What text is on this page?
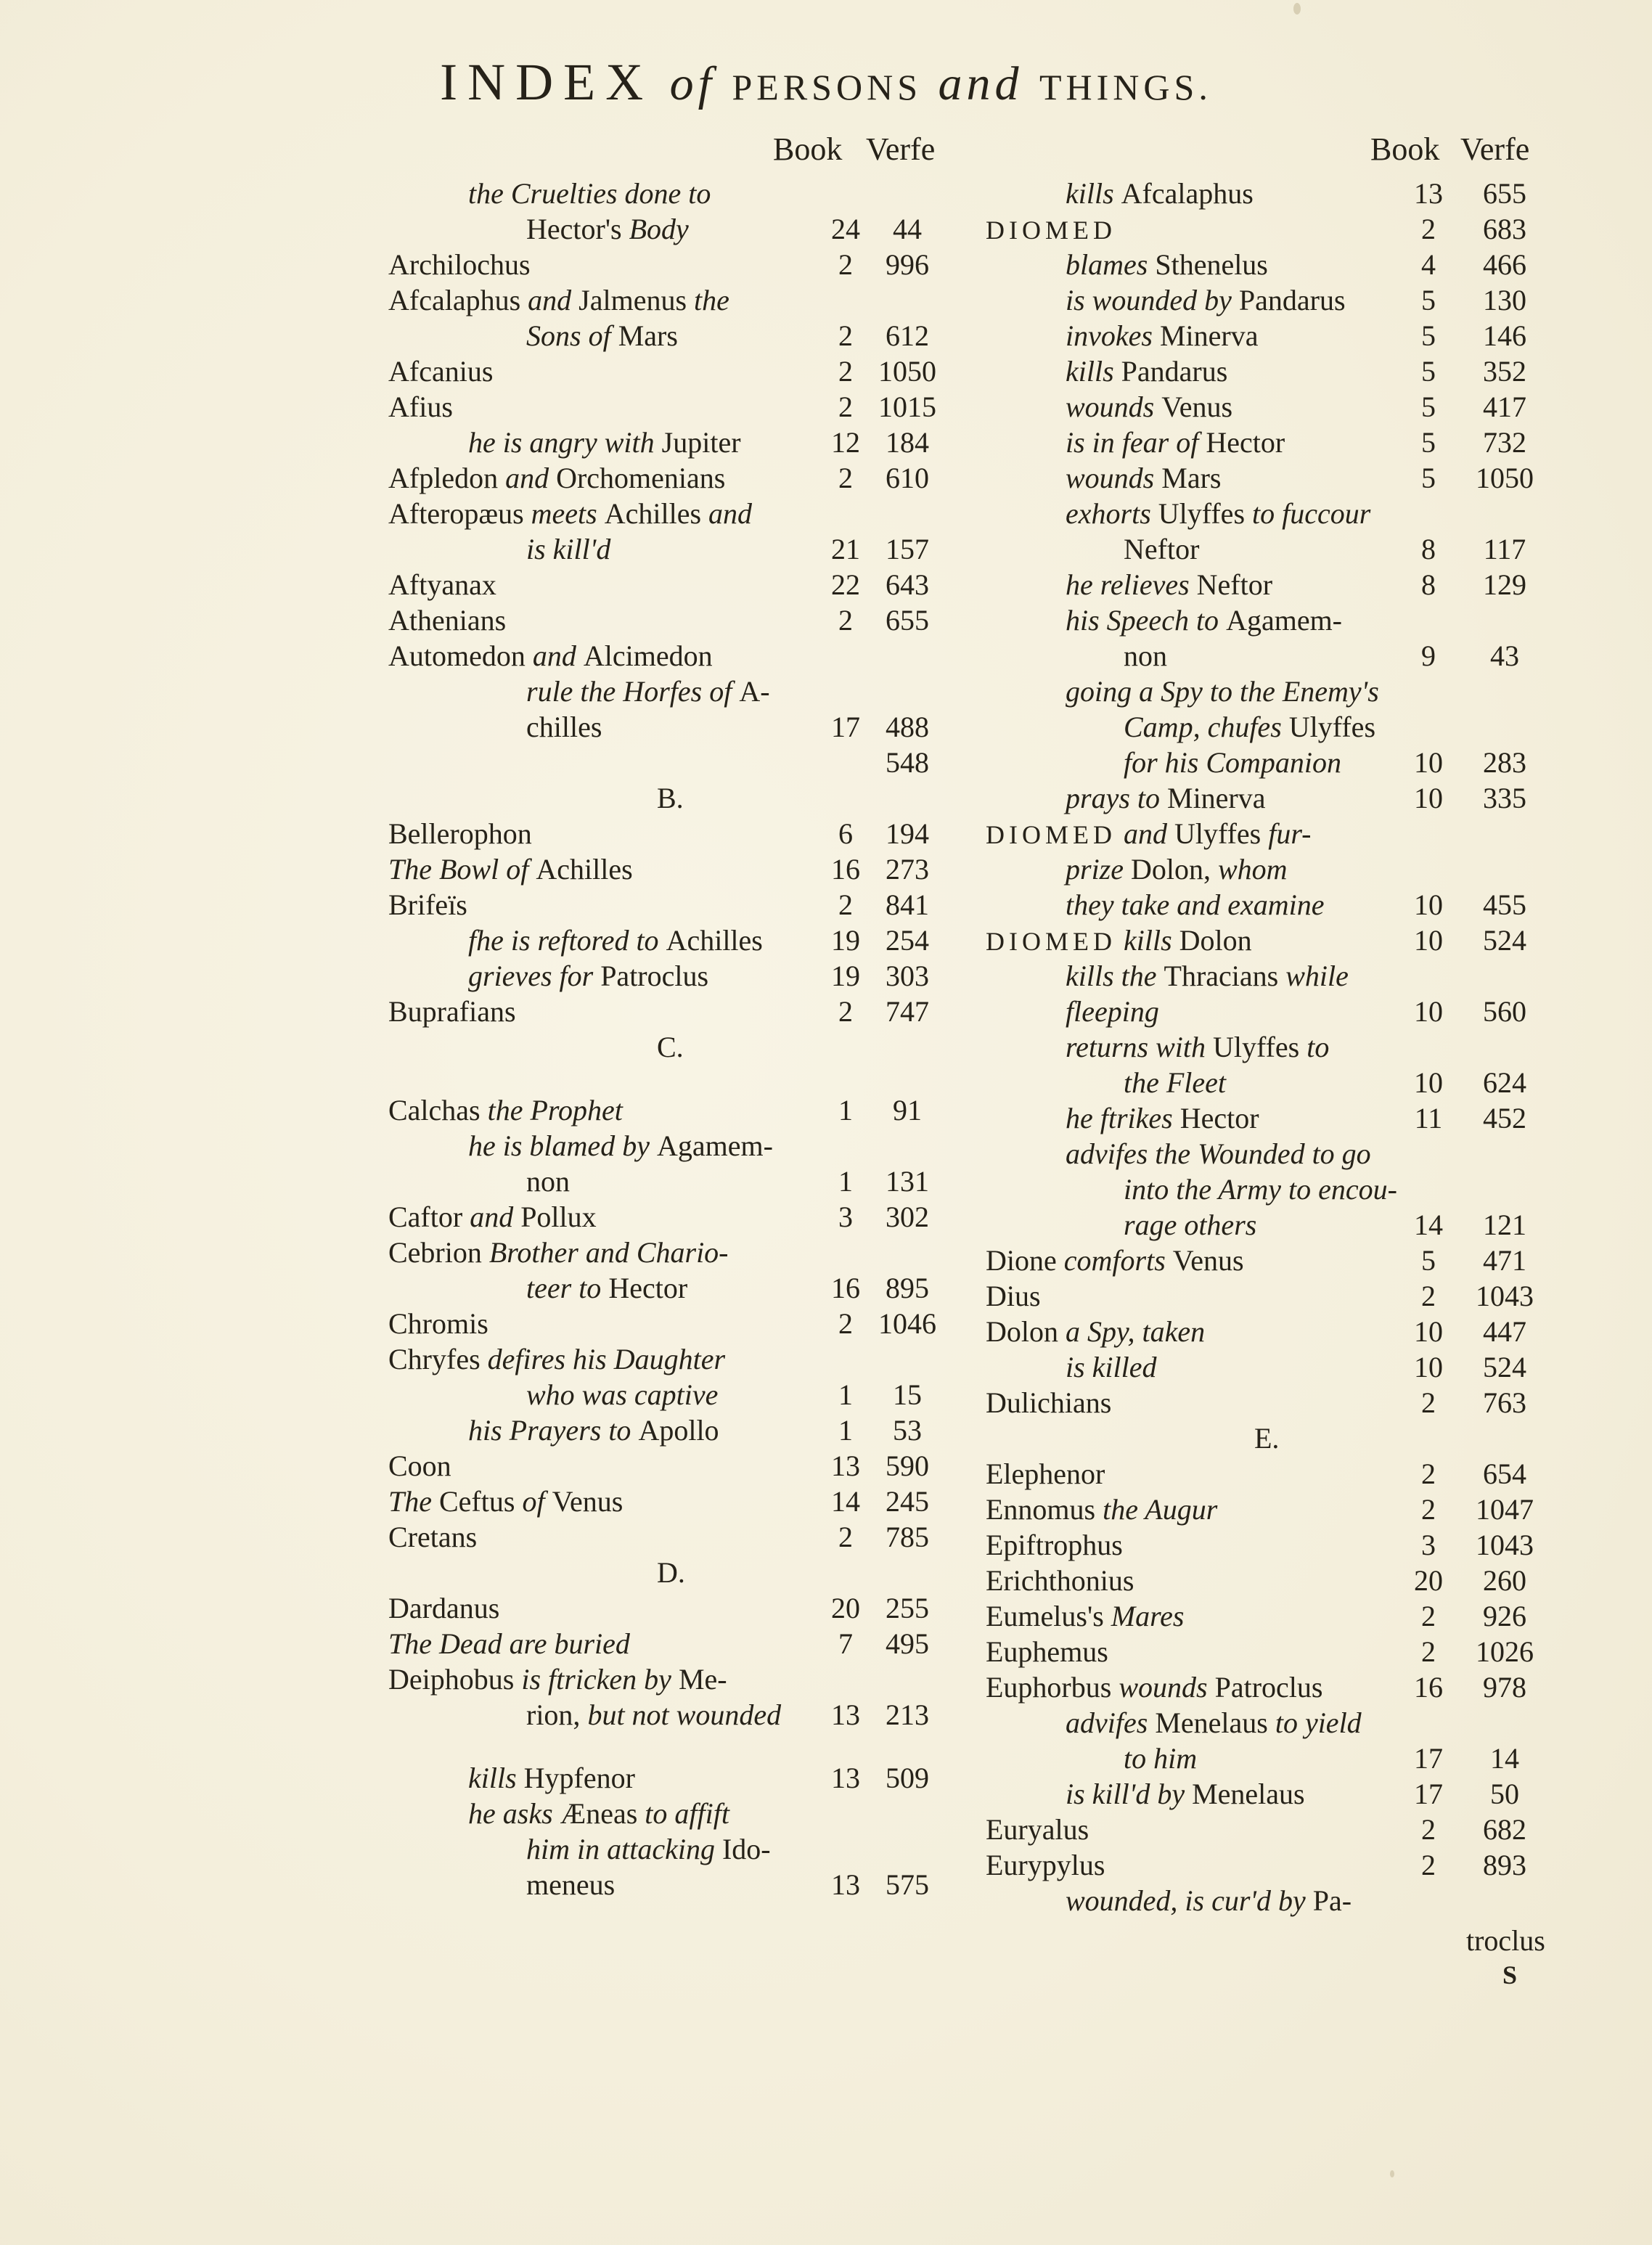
INDEX of PERSONS and THINGS.
Book Verfe
the Cruelties done to
Hector's Body	24	44
Archilochus	2	996
Afcalaphus and Jalmenus the
Sons of Mars	2	612
Afcanius	2 1050
Afius	2 1015
he is angry with Jupiter	12 184
Afpledon and Orchomenians	2	610
Afteropæus meets Achilles and
is kill'd	21 157
Aftyanax	22 643
Athenians	2	655
Automedon and Alcimedon
rule the Horfes of A-
chilles	17 488
548
B.
Bellerophon	6	194
The Bowl of Achilles	16 273
Brifeïs	2	841
fhe is reftored to Achilles 19 254
grieves for Patroclus	19 303
Buprafians	2	747
C.
Calchas the Prophet	1	91
he is blamed by Agamem-
non	1	131
Caftor and Pollux	3	302
Cebrion Brother and Chario-
teer to Hector	16 895
Chromis	2 1046
Chryfes defires his Daughter
who was captive	1	15
his Prayers to Apollo	1	53
Coon	13 590
The Ceftus of Venus	14 245
Cretans	2	785
D.
Dardanus	20 255
The Dead are buried	7	495
Deiphobus is ftricken by Me-
rion, but not wounded 13 213
kills Hypfenor	13 509
he asks Æneas to affift
him in attacking Ido-
meneus	13 575
Book Verfe
kills Afcalaphus	13	655
DIOMED	2	683
blames Sthenelus	4	466
is wounded by Pandarus	5	130
invokes Minerva	5	146
kills Pandarus	5	352
wounds Venus	5	417
is in fear of Hector	5	732
wounds Mars	5	1050
exhorts Ulyffes to fuccour
Neftor	8	117
he relieves Neftor	8	129
his Speech to Agamem-
non	9	43
going a Spy to the Enemy's
Camp, chufes Ulyffes
for his Companion 10	283
prays to Minerva	10	335
DIOMED and Ulyffes fur-
prize Dolon, whom
they take and examine	10	455
DIOMED kills Dolon	10	524
kills the Thracians while
fleeping	10	560
returns with Ulyffes to
the Fleet	10	624
he ftrikes Hector	11	452
advifes the Wounded to go
into the Army to encou-
rage others	14	121
Dione comforts Venus	5	471
Dius	2	1043
Dolon a Spy, taken	10	447
is killed	10	524
Dulichians	2	763
E.
Elephenor	2	654
Ennomus the Augur	2	1047
Epiftrophus	3	1043
Erichthonius	20	260
Eumelus's Mares	2	926
Euphemus	2	1026
Euphorbus wounds Patroclus	16	978
advifes Menelaus to yield
to him	17	14
is kill'd by Menelaus	17	50
Euryalus	2	682
Eurypylus	2	893
wounded, is cur'd by Pa-
troclus
S
